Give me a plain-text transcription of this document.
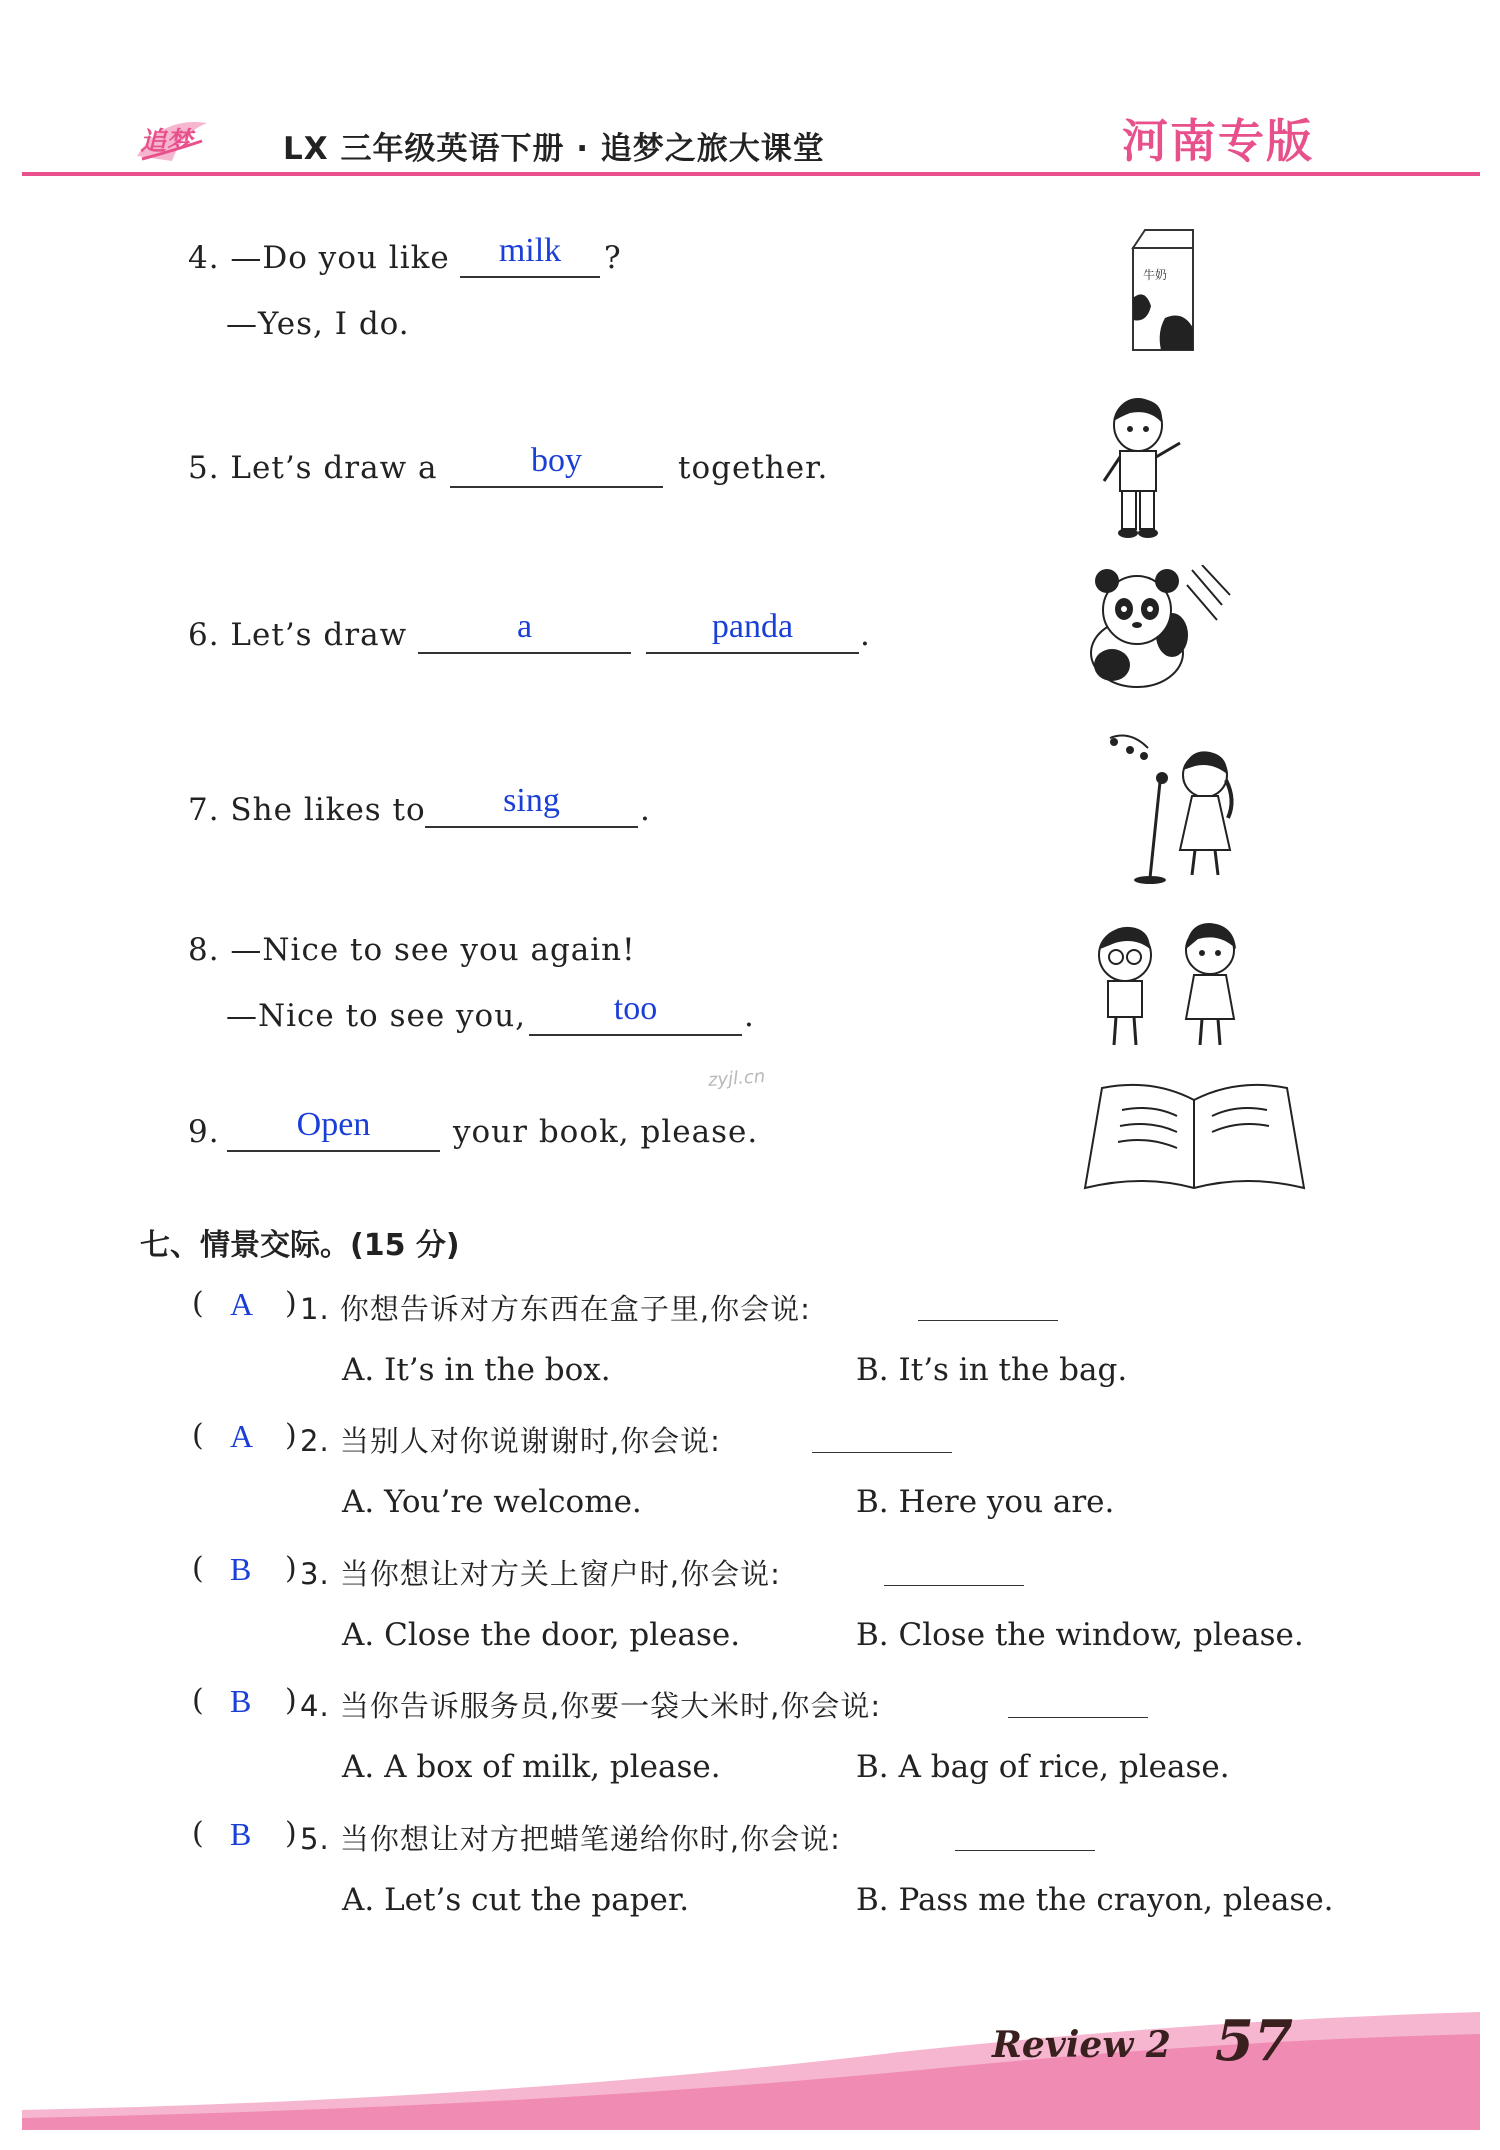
追梦	LX 三年级英语下册 · 追梦之旅大课堂	河南专版
4. —Do you like	milk	?
—Yes, I do.
牛奶
5. Let’s draw a	boy	together.
6. Let’s draw	a	panda	.
7. She likes to	sing	.
8. —Nice to see you again!
—Nice to see you,	too	.
zyjl.cn
9.	Open	your book, please.
七、情景交际。(15 分)
( A ) 1. 你想告诉对方东西在盒子里,你会说:
A. It’s in the box.	B. It’s in the bag.
( A ) 2. 当别人对你说谢谢时,你会说:
A. You’re welcome.	B. Here you are.
( B ) 3. 当你想让对方关上窗户时,你会说:
A. Close the door, please.	B. Close the window, please.
( B ) 4. 当你告诉服务员,你要一袋大米时,你会说:
A. A box of milk, please.	B. A bag of rice, please.
( B ) 5. 当你想让对方把蜡笔递给你时,你会说:
A. Let’s cut the paper.	B. Pass me the crayon, please.
Review 2 57
